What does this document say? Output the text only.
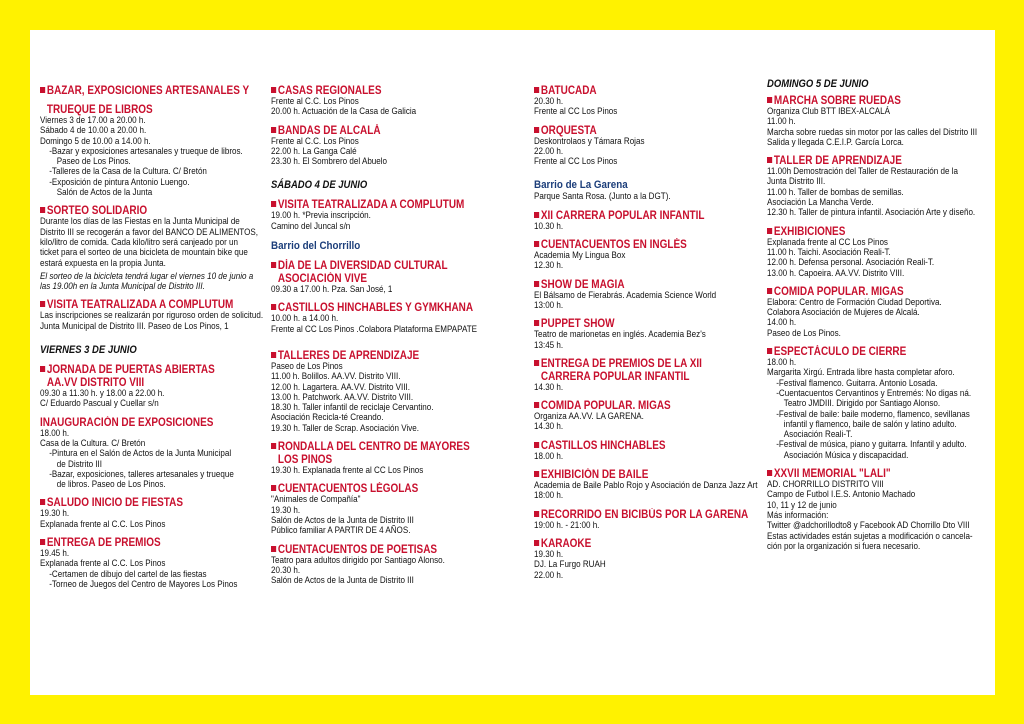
BAZAR, EXPOSICIONES ARTESANALES Y
TRUEQUE DE LIBROS
Viernes 3 de 17.00 a 20.00 h.
Sábado 4 de 10.00 a 20.00 h.
Domingo 5 de 10.00 a 14.00 h.
-Bazar y exposiciones artesanales y trueque de libros.
Paseo de Los Pinos.
-Talleres de la Casa de la Cultura. C/ Bretón
-Exposición de pintura Antonio Luengo.
Salón de Actos de la Junta
SORTEO SOLIDARIO
Durante los días de las Fiestas en la Junta Municipal de
Distrito III se recogerán a favor del BANCO DE ALIMENTOS,
kilo/litro de comida. Cada kilo/litro será canjeado por un
ticket para el sorteo de una bicicleta de mountain bike que
estará expuesta en la propia Junta.
El sorteo de la bicicleta tendrá lugar el viernes 10 de junio a
las 19.00h en la Junta Municipal de Distrito III.
VISITA TEATRALIZADA A COMPLUTUM
Las inscripciones se realizarán por riguroso orden de solicitud.
Junta Municipal de Distrito III. Paseo de Los Pinos, 1
VIERNES 3 DE JUNIO
JORNADA DE PUERTAS ABIERTAS
AA.VV DISTRITO VIII
09.30 a 11.30 h. y 18.00 a 22.00 h.
C/ Eduardo Pascual y Cuellar s/n
INAUGURACIÓN DE EXPOSICIONES
18.00 h.
Casa de la Cultura. C/ Bretón
-Pintura en el Salón de Actos de la Junta Municipal
de Distrito III
-Bazar, exposiciones, talleres artesanales y trueque
de libros. Paseo de Los Pinos.
SALUDO INICIO DE FIESTAS
19.30 h.
Explanada frente al C.C. Los Pinos
ENTREGA DE PREMIOS
19.45 h.
Explanada frente al C.C. Los Pinos
-Certamen de dibujo del cartel de las fiestas
-Torneo de Juegos del Centro de Mayores Los Pinos
CASAS REGIONALES
Frente al C.C. Los Pinos
20.00 h. Actuación de la Casa de Galicia
BANDAS DE ALCALÁ
Frente al C.C. Los Pinos
22.00 h. La Ganga Calé
23.30 h. El Sombrero del Abuelo
SÁBADO 4 DE JUNIO
VISITA TEATRALIZADA A COMPLUTUM
19.00 h. *Previa inscripción.
Camino del Juncal s/n
Barrio del Chorrillo
DÍA DE LA DIVERSIDAD CULTURAL
ASOCIACIÓN VIVE
09.30 a 17.00 h. Pza. San José, 1
CASTILLOS HINCHABLES Y GYMKHANA
10.00 h. a 14.00 h.
Frente al CC Los Pinos .Colabora Plataforma EMPAPATE
TALLERES DE APRENDIZAJE
Paseo de Los Pinos
11.00 h. Bolillos. AA.VV. Distrito VIII.
12.00 h. Lagartera. AA.VV. Distrito VIII.
13.00 h. Patchwork. AA.VV. Distrito VIII.
18.30 h. Taller infantil de reciclaje Cervantino.
Asociación Recicla-té Creando.
19.30 h. Taller de Scrap. Asociación Vive.
RONDALLA DEL CENTRO DE MAYORES
LOS PINOS
19.30 h. Explanada frente al CC Los Pinos
CUENTACUENTOS LÉGOLAS
"Animales de Compañía"
19.30 h.
Salón de Actos de la Junta de Distrito III
Público familiar A PARTIR DE 4 AÑOS.
CUENTACUENTOS DE POETISAS
Teatro para adultos dirigido por Santiago Alonso.
20.30 h.
Salón de Actos de la Junta de Distrito III
BATUCADA
20.30 h.
Frente al CC Los Pinos
ORQUESTA
Deskontrolaos y Támara Rojas
22.00 h.
Frente al CC Los Pinos
Barrio de La Garena
Parque Santa Rosa. (Junto a la DGT).
XII CARRERA POPULAR INFANTIL
10.30 h.
CUENTACUENTOS EN INGLÉS
Academia My Lingua Box
12.30 h.
SHOW DE MAGIA
El Bálsamo de Fierabrás. Academia Science World
13:00 h.
PUPPET SHOW
Teatro de marionetas en inglés. Academia Bez's
13:45 h.
ENTREGA DE PREMIOS DE LA XII
CARRERA POPULAR INFANTIL
14.30 h.
COMIDA POPULAR. MIGAS
Organiza AA.VV. LA GARENA.
14.30 h.
CASTILLOS HINCHABLES
18.00 h.
EXHIBICIÓN DE BAILE
Academia de Baile Pablo Rojo y Asociación de Danza Jazz Art
18:00 h.
RECORRIDO EN BICIBÚS POR LA GARENA
19:00 h. - 21:00 h.
KARAOKE
19.30 h.
DJ. La Furgo RUAH
22.00 h.
DOMINGO 5 DE JUNIO
MARCHA SOBRE RUEDAS
Organiza Club BTT IBEX-ALCALÁ
11.00 h.
Marcha sobre ruedas sin motor por las calles del Distrito III
Salida y llegada C.E.I.P. García Lorca.
TALLER DE APRENDIZAJE
11.00h Demostración del Taller de Restauración de la
Junta Distrito III.
11.00 h. Taller de bombas de semillas.
Asociación La Mancha Verde.
12.30 h. Taller de pintura infantil. Asociación Arte y diseño.
EXHIBICIONES
Explanada frente al CC Los Pinos
11.00 h. Taichi. Asociación Reali-T.
12.00 h. Defensa personal. Asociación Reali-T.
13.00 h. Capoeira. AA.VV. Distrito VIII.
COMIDA POPULAR. MIGAS
Elabora: Centro de Formación Ciudad Deportiva.
Colabora Asociación de Mujeres de Alcalá.
14.00 h.
Paseo de Los Pinos.
ESPECTÁCULO DE CIERRE
18.00 h.
Margarita Xirgú. Entrada libre hasta completar aforo.
-Festival flamenco. Guitarra. Antonio Losada.
-Cuentacuentos Cervantinos y Entremés: No digas ná.
Teatro JMDIII. Dirigido por Santiago Alonso.
-Festival de baile: baile moderno, flamenco, sevillanas
infantil y flamenco, baile de salón y latino adulto.
Asociación Reali-T.
-Festival de música, piano y guitarra. Infantil y adulto.
Asociación Música y discapacidad.
XXVII MEMORIAL "LALI"
AD. CHORRILLO DISTRITO VIII
Campo de Futbol I.E.S. Antonio Machado
10, 11 y 12 de junio
Más información:
Twitter @adchorillodto8 y Facebook AD Chorrillo Dto VIII
Estas actividades están sujetas a modificación o cancela-
ción por la organización si fuera necesario.
